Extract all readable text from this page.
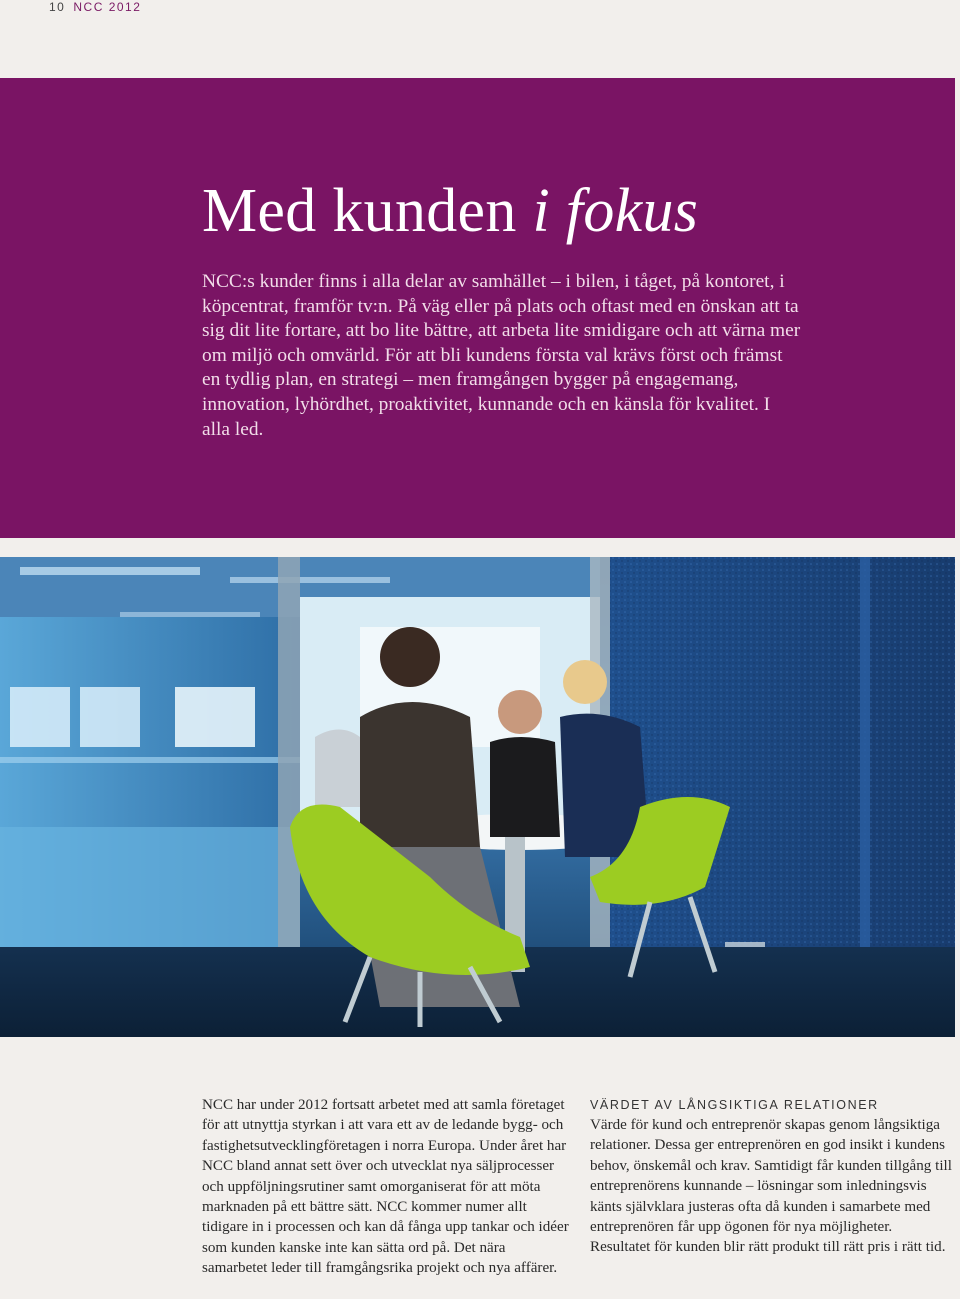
10 NCC 2012
Med kunden i fokus

NCC:s kunder finns i alla delar av samhället – i bilen, i tåget, på kontoret, i köpcentrat, framför tv:n. På väg eller på plats och oftast med en önskan att ta sig dit lite fortare, att bo lite bättre, att arbeta lite smidigare och att värna mer om miljö och omvärld. För att bli kundens första val krävs först och främst en tydlig plan, en strategi – men framgången bygger på engagemang, innovation, lyhördhet, proaktivitet, kunnande och en känsla för kvalitet. I alla led.

NCC har under 2012 fortsatt arbetet med att samla företaget för att utnyttja styrkan i att vara ett av de ledande bygg- och fastighetsutvecklingföretagen i norra Europa. Under året har NCC bland annat sett över och utvecklat nya säljprocesser och uppföljningsrutiner samt omorganiserat för att möta marknaden på ett bättre sätt. NCC kommer numer allt tidigare in i processen och kan då fånga upp tankar och idéer som kunden kanske inte kan sätta ord på. Det nära samarbetet leder till framgångsrika projekt och nya affärer.

VÄRDET AV LÅNGSIKTIGA RELATIONER

Värde för kund och entreprenör skapas genom långsiktiga relationer. Dessa ger entreprenören en god insikt i kundens behov, önskemål och krav. Samtidigt får kunden tillgång till entreprenörens kunnande – lösningar som inledningsvis känts självklara justeras ofta då kunden i samarbete med entreprenören får upp ögonen för nya möjligheter. Resultatet för kunden blir rätt produkt till rätt pris i rätt tid.
